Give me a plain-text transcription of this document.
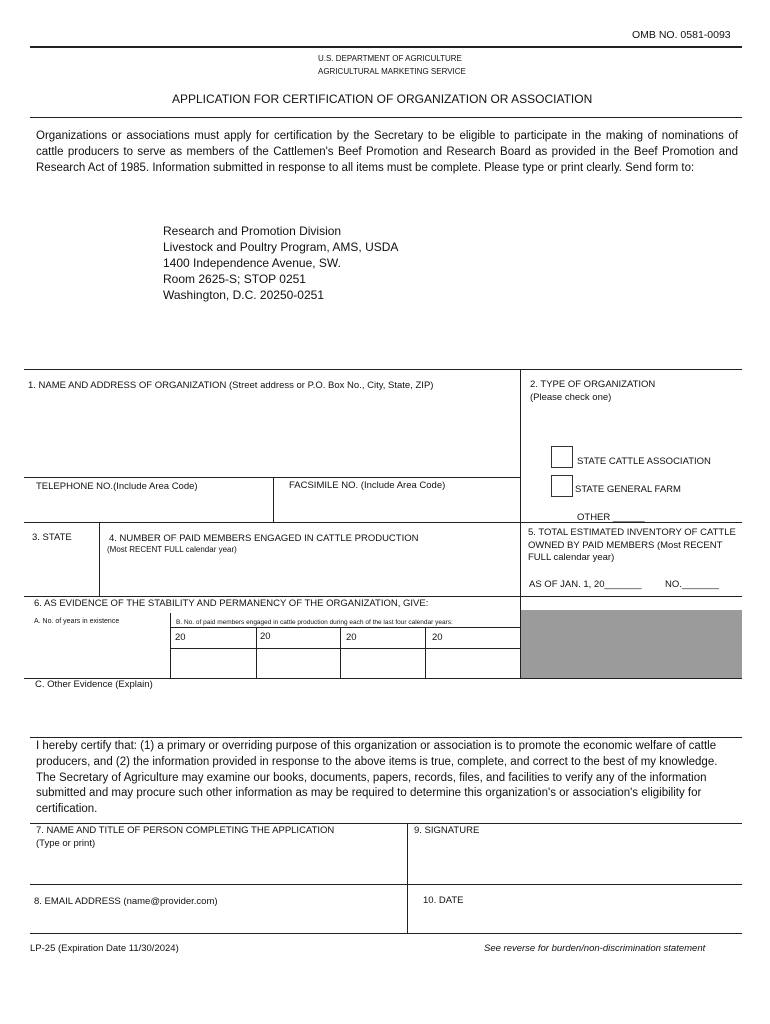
OMB NO. 0581-0093
U.S. DEPARTMENT OF AGRICULTURE
AGRICULTURAL MARKETING SERVICE
APPLICATION FOR CERTIFICATION OF ORGANIZATION OR ASSOCIATION
Organizations or associations must apply for certification by the Secretary to be eligible to participate in the making of nominations of cattle producers to serve as members of the Cattlemen's Beef Promotion and Research Board as provided in the Beef Promotion and Research Act of 1985. Information submitted in response to all items must be complete. Please type or print clearly. Send form to:
Research and Promotion Division
Livestock and Poultry Program, AMS, USDA
1400 Independence Avenue, SW.
Room 2625-S; STOP 0251
Washington, D.C. 20250-0251
1. NAME AND ADDRESS OF ORGANIZATION (Street address or P.O. Box No., City, State, ZIP)	2. TYPE OF ORGANIZATION
(Please check one)
STATE CATTLE ASSOCIATION
STATE GENERAL FARM
OTHER ______
TELEPHONE NO.(Include Area Code)	FACSIMILE NO. (Include Area Code)
3. STATE	4. NUMBER OF PAID MEMBERS ENGAGED IN CATTLE PRODUCTION
(Most RECENT FULL calendar year)
5. TOTAL ESTIMATED INVENTORY OF CATTLE OWNED BY PAID MEMBERS (Most RECENT FULL calendar year)
AS OF JAN. 1, 20_______ NO._______
6. AS EVIDENCE OF THE STABILITY AND PERMANENCY OF THE ORGANIZATION, GIVE:
A. No. of years in existence	B. No. of paid members engaged in cattle production during each of the last four calendar years:
20	20	20	20
C. Other Evidence (Explain)
I hereby certify that: (1) a primary or overriding purpose of this organization or association is to promote the economic welfare of cattle producers, and (2) the information provided in response to the above items is true, complete, and correct to the best of my knowledge. The Secretary of Agriculture may examine our books, documents, papers, records, files, and facilities to verify any of the information submitted and may procure such other information as may be required to determine this organization's or association's eligibility for certification.
7. NAME AND TITLE OF PERSON COMPLETING THE APPLICATION
(Type or print)
9. SIGNATURE
8. EMAIL ADDRESS (name@provider.com)	10. DATE
LP-25 (Expiration Date 11/30/2024)	See reverse for burden/non-discrimination statement
